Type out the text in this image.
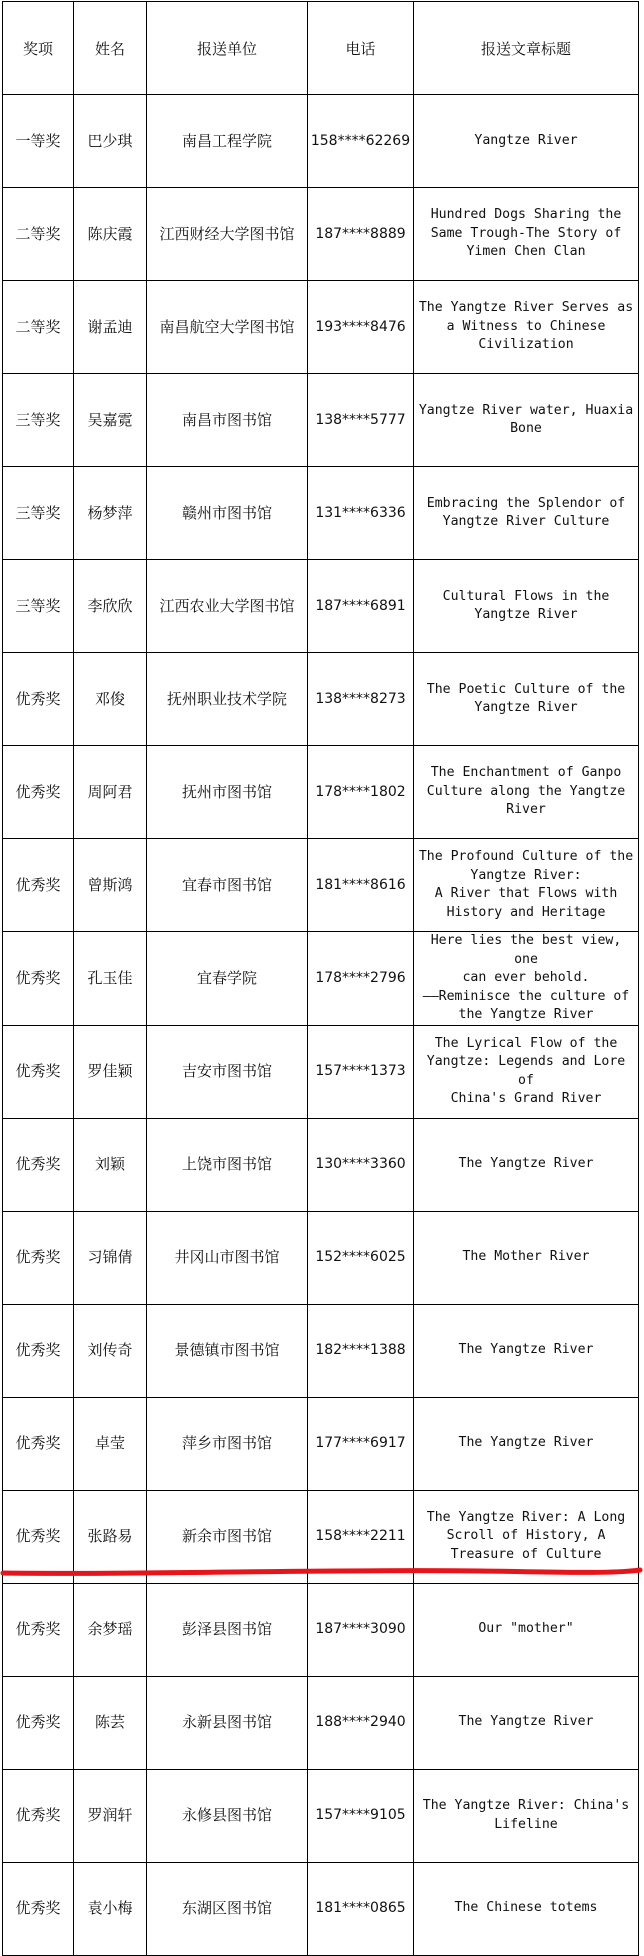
奖项	姓名	报送单位	电话	报送文章标题
一等奖	巴少琪	南昌工程学院	158****62269	Yangtze River
二等奖	陈庆霞	江西财经大学图书馆	187****8889	Hundred Dogs Sharing the
Same Trough-The Story of
Yimen Chen Clan
二等奖	谢孟迪	南昌航空大学图书馆	193****8476	The Yangtze River Serves as
a Witness to Chinese
Civilization
三等奖	吴嘉霓	南昌市图书馆	138****5777	Yangtze River water, Huaxia
Bone
三等奖	杨梦萍	赣州市图书馆	131****6336	Embracing the Splendor of
Yangtze River Culture
三等奖	李欣欣	江西农业大学图书馆	187****6891	Cultural Flows in the
Yangtze River
优秀奖	邓俊	抚州职业技术学院	138****8273	The Poetic Culture of the
Yangtze River
优秀奖	周阿君	抚州市图书馆	178****1802	The Enchantment of Ganpo
Culture along the Yangtze
River
优秀奖	曾斯鸿	宜春市图书馆	181****8616	The Profound Culture of the
Yangtze River:
A River that Flows with
History and Heritage
优秀奖	孔玉佳	宜春学院	178****2796	Here lies the best view, one
can ever behold.
——Reminisce the culture of
the Yangtze River
优秀奖	罗佳颖	吉安市图书馆	157****1373	The Lyrical Flow of the
Yangtze: Legends and Lore of
China's Grand River
优秀奖	刘颖	上饶市图书馆	130****3360	The Yangtze River
优秀奖	习锦倩	井冈山市图书馆	152****6025	The Mother River
优秀奖	刘传奇	景德镇市图书馆	182****1388	The Yangtze River
优秀奖	卓莹	萍乡市图书馆	177****6917	The Yangtze River
优秀奖	张路易	新余市图书馆	158****2211	The Yangtze River: A Long
Scroll of History, A
Treasure of Culture
优秀奖	余梦瑶	彭泽县图书馆	187****3090	Our "mother"
优秀奖	陈芸	永新县图书馆	188****2940	The Yangtze River
优秀奖	罗润轩	永修县图书馆	157****9105	The Yangtze River: China's
Lifeline
优秀奖	袁小梅	东湖区图书馆	181****0865	The Chinese totems
